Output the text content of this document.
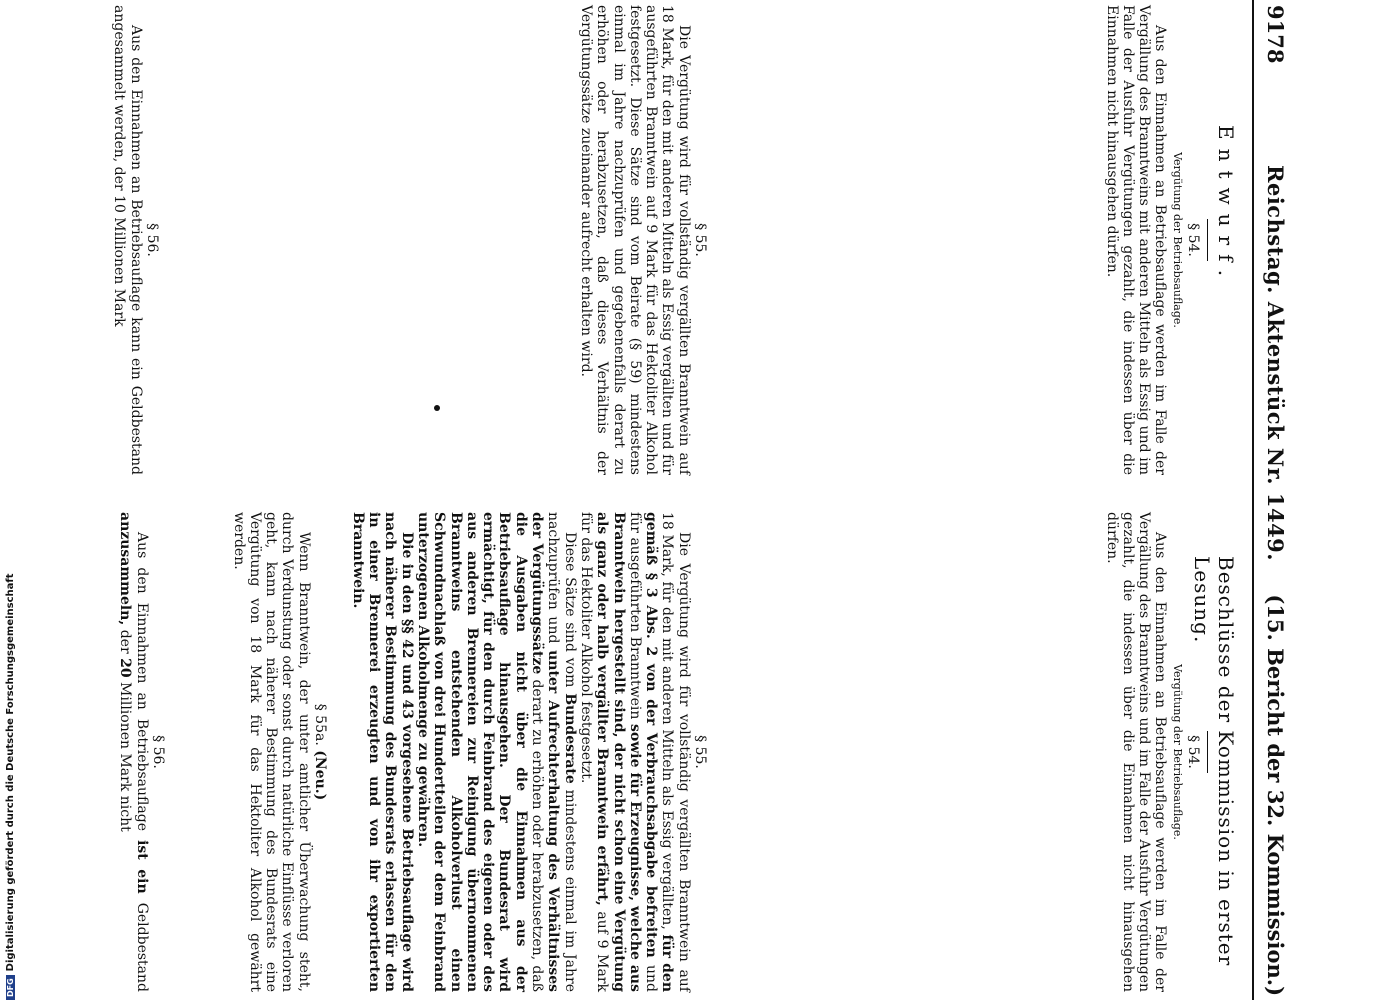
9178
Reichstag. Aktenstück Nr. 1449.
(15. Bericht der 32. Kommission.)
Entwurf.

§ 54.

Vergütung der Betriebsauflage.

Aus den Einnahmen an Betriebsauflage werden im Falle der Vergällung des Branntweins mit anderen Mitteln als Essig und im Falle der Ausfuhr Vergütungen gezahlt, die indessen über die Einnahmen nicht hinausgehen dürfen.

§ 55.

Die Vergütung wird für vollständig vergällten Branntwein auf 18 Mark, für den mit anderen Mitteln als Essig vergällten und für ausgeführten Branntwein auf 9 Mark für das Hektoliter Alkohol festgesetzt. Diese Sätze sind vom Beirate (§ 59) mindestens einmal im Jahre nachzuprüfen und gegebenenfalls derart zu erhöhen oder herabzusetzen, daß dieses Verhältnis der Vergütungssätze zueinander aufrecht erhalten wird.

§ 56.

Aus den Einnahmen an Betriebsauflage kann ein Geldbestand angesammelt werden, der 10 Millionen Mark

Beschlüsse der Kommission in erster Lesung.

§ 54.

Vergütung der Betriebsauflage.

Aus den Einnahmen an Betriebsauflage werden im Falle der Vergällung des Branntweins und im Falle der Ausfuhr Vergütungen gezahlt, die indessen über die Einnahmen nicht hinausgehen dürfen.

§ 55.

Die Vergütung wird für vollständig vergällten Branntwein auf 18 Mark, für den mit anderen Mitteln als Essig vergällten, für den gemäß § 3 Abs. 2 von der Verbrauchsabgabe befreiten und für ausgeführten Branntwein sowie für Erzeugnisse, welche aus Branntwein hergestellt sind, der nicht schon eine Vergütung als ganz oder halb vergällter Branntwein erfährt, auf 9 Mark für das Hektoliter Alkohol festgesetzt.

Diese Sätze sind vom Bundesrate mindestens einmal im Jahre nachzuprüfen und unter Aufrechterhaltung des Verhältnisses der Vergütungssätze derart zu erhöhen oder herabzusetzen, daß die Ausgaben nicht über die Einnahmen aus der Betriebsauflage hinausgehen. Der Bundesrat wird ermächtigt, für den durch Feinbrand des eigenen oder des aus anderen Brennereien zur Reinigung übernommenen Branntweins entstehenden Alkoholverlust einen Schwundnachlaß von drei Hundertteilen der dem Feinbrand unterzogenen Alkoholmenge zu gewähren.

Die in den §§ 42 und 43 vorgesehene Betriebsauflage wird nach näherer Bestimmung des Bundesrats erlassen für den in einer Brennerei erzeugten und von ihr exportierten Branntwein.

§ 55a. (Neu.)

Wenn Branntwein, der unter amtlicher Überwachung steht, durch Verdunstung oder sonst durch natürliche Einflüsse verloren geht, kann nach näherer Bestimmung des Bundesrats eine Vergütung von 18 Mark für das Hektoliter Alkohol gewährt werden.

§ 56.

Aus den Einnahmen an Betriebsauflage ist ein Geldbestand anzusammeln, der 20 Millionen Mark nicht

DFGDigitalisierung gefördert durch die Deutsche Forschungsgemeinschaft
